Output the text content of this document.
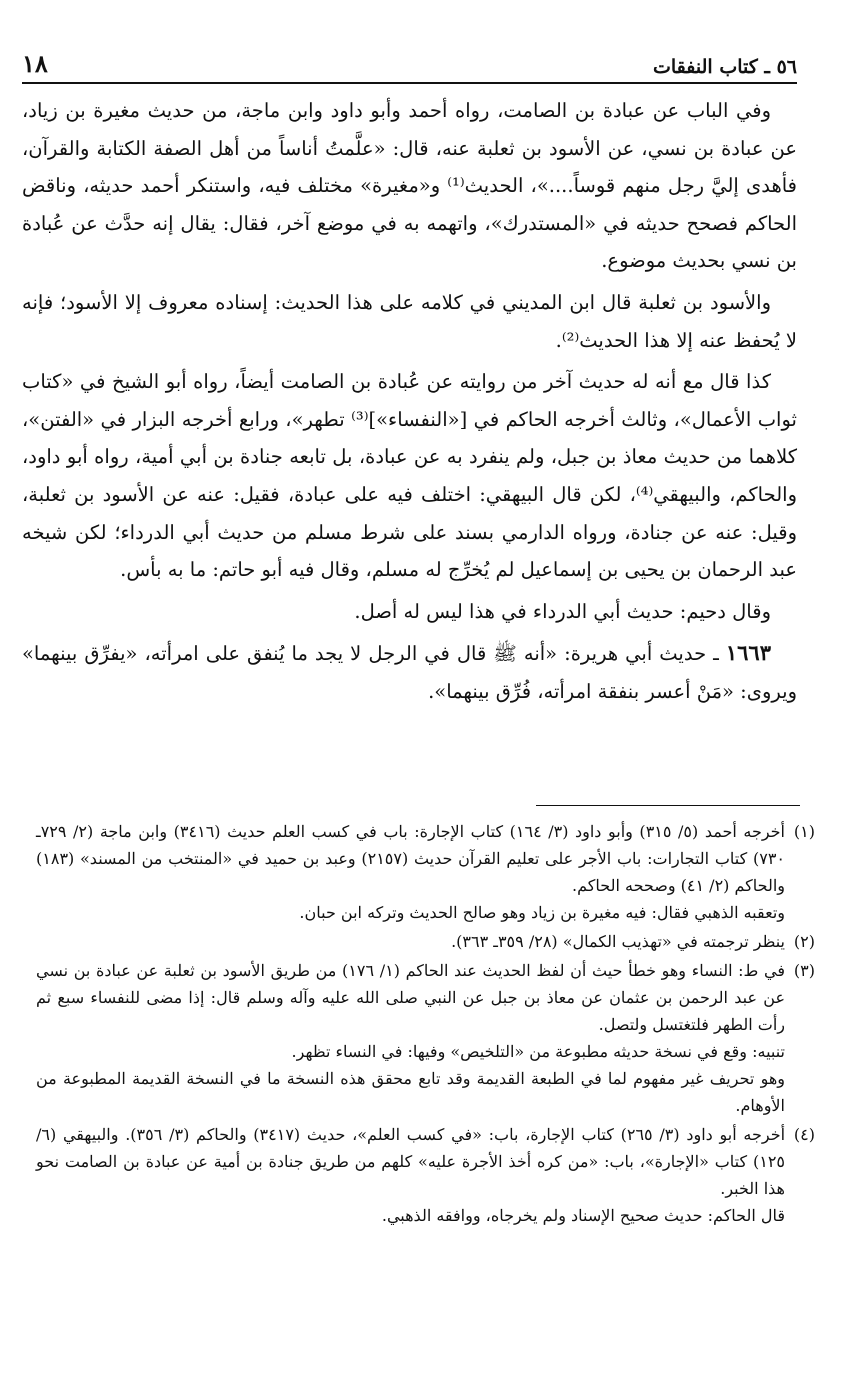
٥٦ ـ كتاب النفقات
١٨

وفي الباب عن عبادة بن الصامت، رواه أحمد وأبو داود وابن ماجة، من حديث مغيرة بن زياد، عن عبادة بن نسي، عن الأسود بن ثعلبة عنه، قال: «علَّمتُ أناساً من أهل الصفة الكتابة والقرآن، فأهدى إليَّ رجل منهم قوساً....»، الحديث⁽¹⁾ و«مغيرة» مختلف فيه، واستنكر أحمد حديثه، وناقض الحاكم فصحح حديثه في «المستدرك»، واتهمه به في موضع آخر، فقال: يقال إنه حدَّث عن عُبادة بن نسي بحديث موضوع.

والأسود بن ثعلبة قال ابن المديني في كلامه على هذا الحديث: إسناده معروف إلا الأسود؛ فإنه لا يُحفظ عنه إلا هذا الحديث⁽²⁾.

كذا قال مع أنه له حديث آخر من روايته عن عُبادة بن الصامت أيضاً، رواه أبو الشيخ في «كتاب ثواب الأعمال»، وثالث أخرجه الحاكم في [«النفساء»]⁽³⁾ تطهر»، ورابع أخرجه البزار في «الفتن»، كلاهما من حديث معاذ بن جبل، ولم ينفرد به عن عبادة، بل تابعه جنادة بن أبي أمية، رواه أبو داود، والحاكم، والبيهقي⁽⁴⁾، لكن قال البيهقي: اختلف فيه على عبادة، فقيل: عنه عن الأسود بن ثعلبة، وقيل: عنه عن جنادة، ورواه الدارمي بسند على شرط مسلم من حديث أبي الدرداء؛ لكن شيخه عبد الرحمان بن يحيى بن إسماعيل لم يُخرِّج له مسلم، وقال فيه أبو حاتم: ما به بأس.

وقال دحيم: حديث أبي الدرداء في هذا ليس له أصل.

١٦٦٣ ـ حديث أبي هريرة: «أنه ﷺ قال في الرجل لا يجد ما يُنفق على امرأته، «يفرِّق بينهما» ويروى: «مَنْ أعسر بنفقة امرأته، فُرِّق بينهما».

(١)
أخرجه أحمد (٥/ ٣١٥) وأبو داود (٣/ ١٦٤) كتاب الإجارة: باب في كسب العلم حديث (٣٤١٦) وابن ماجة (٢/ ٧٢٩ـ ٧٣٠) كتاب التجارات: باب الأجر على تعليم القرآن حديث (٢١٥٧) وعبد بن حميد في «المنتخب من المسند» (١٨٣) والحاكم (٢/ ٤١) وصححه الحاكم.
وتعقبه الذهبي فقال: فيه مغيرة بن زياد وهو صالح الحديث وتركه ابن حبان.
(٢)
ينظر ترجمته في «تهذيب الكمال» (٢٨/ ٣٥٩ـ ٣٦٣).
(٣)
في ط: النساء وهو خطأ حيث أن لفظ الحديث عند الحاكم (١/ ١٧٦) من طريق الأسود بن ثعلبة عن عبادة بن نسي عن عبد الرحمن بن عثمان عن معاذ بن جبل عن النبي صلى الله عليه وآله وسلم قال: إذا مضى للنفساء سبع ثم رأت الطهر فلتغتسل ولتصل.
تنبيه: وقع في نسخة حديثه مطبوعة من «التلخيص» وفيها: في النساء تظهر.
وهو تحريف غير مفهوم لما في الطبعة القديمة وقد تابع محقق هذه النسخة ما في النسخة القديمة المطبوعة من الأوهام.
(٤)
أخرجه أبو داود (٣/ ٢٦٥) كتاب الإجارة، باب: «في كسب العلم»، حديث (٣٤١٧) والحاكم (٣/ ٣٥٦). والبيهقي (٦/ ١٢٥) كتاب «الإجارة»، باب: «من كره أخذ الأجرة عليه» كلهم من طريق جنادة بن أمية عن عبادة بن الصامت نحو هذا الخبر.
قال الحاكم: حديث صحيح الإسناد ولم يخرجاه، ووافقه الذهبي.
